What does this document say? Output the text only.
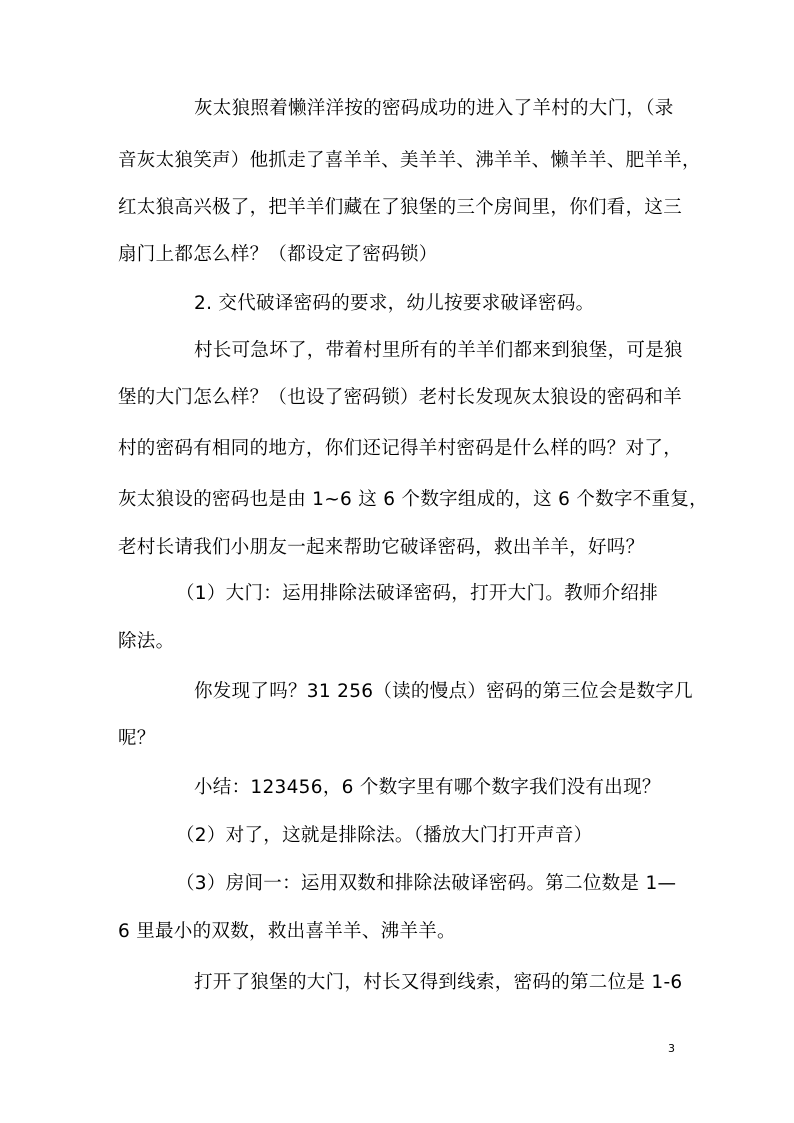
灰太狼照着懒洋洋按的密码成功的进入了羊村的大门，（录
音灰太狼笑声）他抓走了喜羊羊、美羊羊、沸羊羊、懒羊羊、肥羊羊，
红太狼高兴极了，把羊羊们藏在了狼堡的三个房间里，你们看，这三
扇门上都怎么样？（都设定了密码锁）
2. 交代破译密码的要求，幼儿按要求破译密码。
村长可急坏了，带着村里所有的羊羊们都来到狼堡，可是狼
堡的大门怎么样？（也设了密码锁）老村长发现灰太狼设的密码和羊
村的密码有相同的地方，你们还记得羊村密码是什么样的吗？对了，
灰太狼设的密码也是由 1~6 这 6 个数字组成的，这 6 个数字不重复，
老村长请我们小朋友一起来帮助它破译密码，救出羊羊，好吗？
（1）大门：运用排除法破译密码，打开大门。教师介绍排
除法。
你发现了吗？31 256（读的慢点）密码的第三位会是数字几
呢？
小结：123456，6 个数字里有哪个数字我们没有出现？
（2）对了，这就是排除法。（播放大门打开声音）
（3）房间一：运用双数和排除法破译密码。第二位数是 1—
6 里最小的双数，救出喜羊羊、沸羊羊。
打开了狼堡的大门，村长又得到线索，密码的第二位是 1-6
3
